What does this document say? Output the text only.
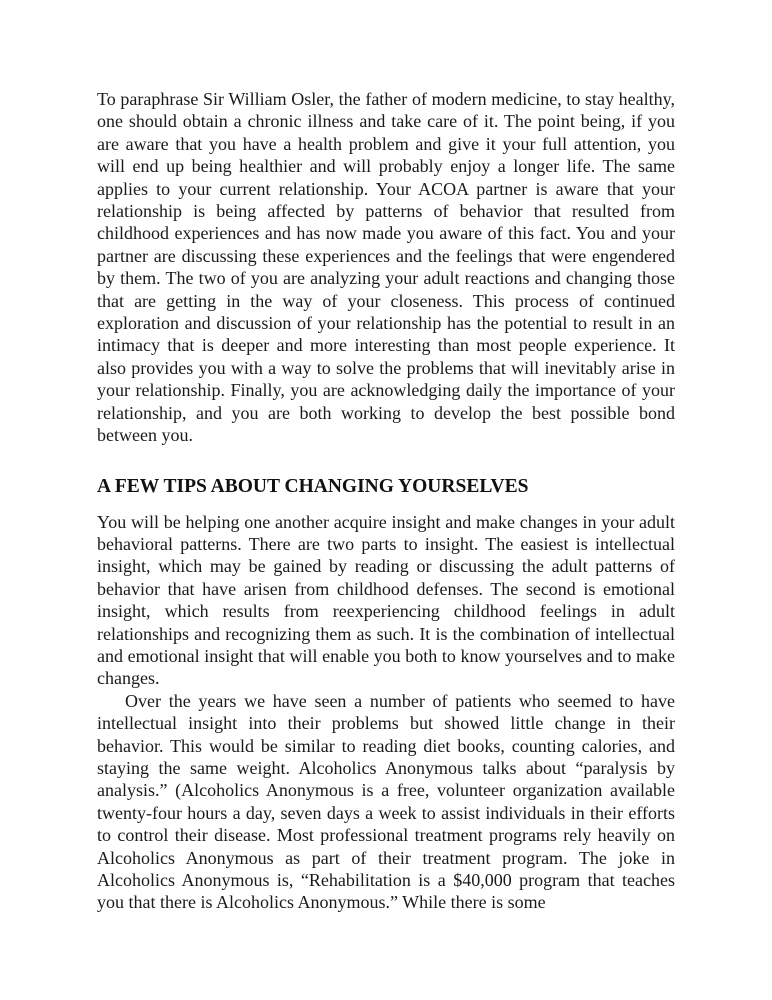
To paraphrase Sir William Osler, the father of modern medicine, to stay healthy, one should obtain a chronic illness and take care of it. The point being, if you are aware that you have a health problem and give it your full attention, you will end up being healthier and will probably enjoy a longer life. The same applies to your current relationship. Your ACOA partner is aware that your relationship is being affected by patterns of behavior that resulted from childhood experiences and has now made you aware of this fact. You and your partner are discussing these experiences and the feelings that were engendered by them. The two of you are analyzing your adult reactions and changing those that are getting in the way of your closeness. This process of continued exploration and discussion of your relationship has the potential to result in an intimacy that is deeper and more interesting than most people experience. It also provides you with a way to solve the problems that will inevitably arise in your relationship. Finally, you are acknowledging daily the importance of your relationship, and you are both working to develop the best possible bond between you.

A FEW TIPS ABOUT CHANGING YOURSELVES

You will be helping one another acquire insight and make changes in your adult behavioral patterns. There are two parts to insight. The easiest is intellectual insight, which may be gained by reading or discussing the adult patterns of behavior that have arisen from childhood defenses. The second is emotional insight, which results from reexperiencing childhood feelings in adult relationships and recognizing them as such. It is the combination of intellectual and emotional insight that will enable you both to know yourselves and to make changes.

Over the years we have seen a number of patients who seemed to have intellectual insight into their problems but showed little change in their behavior. This would be similar to reading diet books, counting calories, and staying the same weight. Alcoholics Anonymous talks about “paralysis by analysis.” (Alcoholics Anonymous is a free, volunteer organization available twenty-four hours a day, seven days a week to assist individuals in their efforts to control their disease. Most professional treatment programs rely heavily on Alcoholics Anonymous as part of their treatment program. The joke in Alcoholics Anonymous is, “Rehabilitation is a $40,000 program that teaches you that there is Alcoholics Anonymous.” While there is some
